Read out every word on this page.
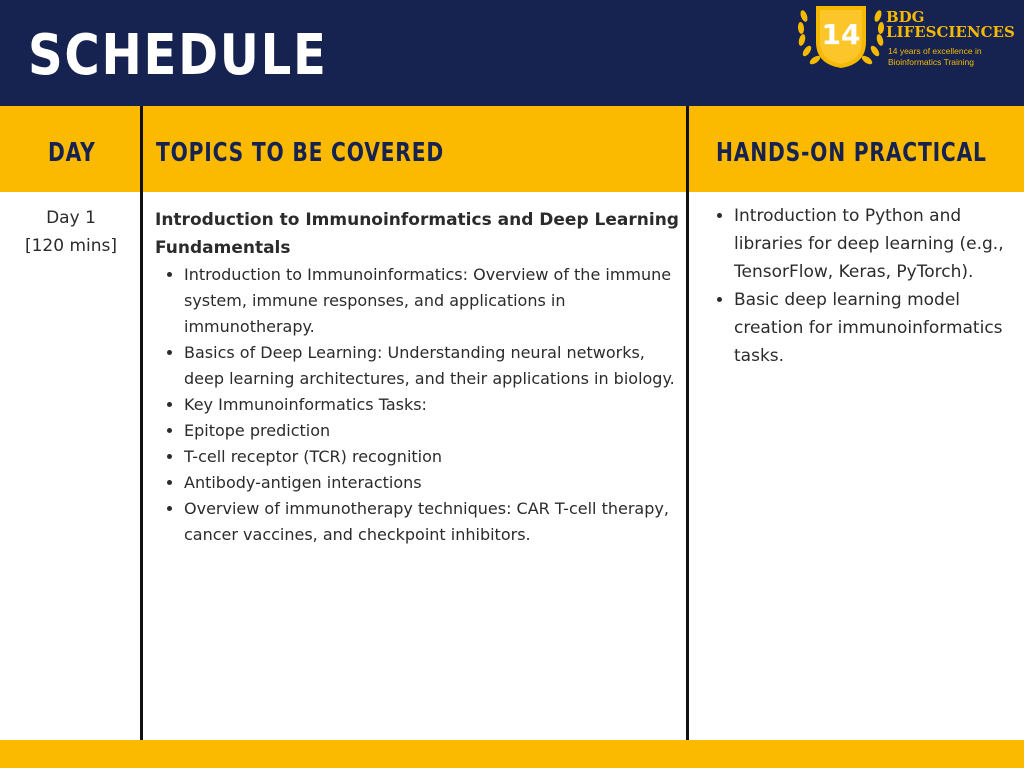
SCHEDULE	14
BDG
LIFESCIENCES
14 years of excellence in Bioinformatics Training
DAY TOPICS TO BE COVERED	HANDS-ON PRACTICAL
Day 1
[120 mins]
Introduction to Immunoinformatics and Deep Learning Fundamentals
• Introduction to Immunoinformatics: Overview of the immune system, immune responses, and applications in immunotherapy.
• Basics of Deep Learning: Understanding neural networks, deep learning architectures, and their applications in biology.
• Key Immunoinformatics Tasks:
• Epitope prediction
• T-cell receptor (TCR) recognition
• Antibody-antigen interactions
• Overview of immunotherapy techniques: CAR T-cell therapy, cancer vaccines, and checkpoint inhibitors.
• Introduction to Python and libraries for deep learning (e.g., TensorFlow, Keras, PyTorch).
• Basic deep learning model creation for immunoinformatics tasks.
